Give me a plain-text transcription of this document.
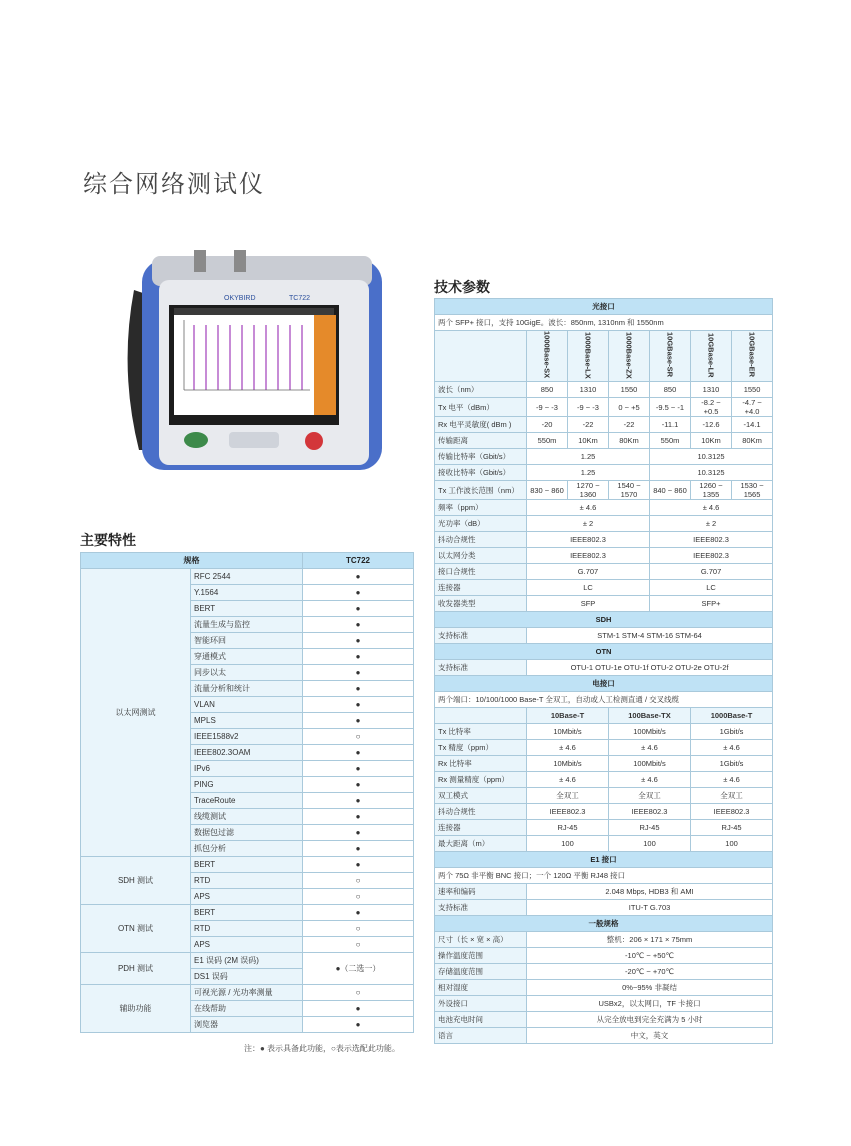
综合网络测试仪
OKYBIRD	TC722
主要特性
规格		TC722
以太网测试	RFC 2544	●
	Y.1564	●
	BERT	●
	流量生成与监控	●
	智能环回	●
	穿通模式	●
	同步以太	●
	流量分析和统计	●
	VLAN	●
	MPLS	●
	IEEE1588v2	○
	IEEE802.3OAM	●
	IPv6	●
	PING	●
	TraceRoute	●
	线缆测试	●
	数据包过滤	●
	抓包分析	●
SDH 测试	BERT	●
	RTD	○
	APS	○
OTN 测试	BERT	●
	RTD	○
	APS	○
PDH 测试	E1 误码 (2M 误码)	●（二选一）
	DS1 误码	
辅助功能	可视光源 / 光功率测量	○
	在线帮助	●
	浏览器	●
注：● 表示具备此功能，○表示选配此功能。
技术参数
光接口						
两个 SFP+ 接口，支持 10GigE。波长：850nm, 1310nm 和 1550nm						
	1000Base-SX	1000Base-LX	1000Base-ZX	10GBase-SR	10GBase-LR	10GBase-ER
波长（nm）	850	1310	1550	850	1310	1550
Tx 电平（dBm）	-9 ~ -3	-9 ~ -3	0 ~ +5	-9.5 ~ -1	-8.2 ~ +0.5	-4.7 ~ +4.0
Rx 电平灵敏度( dBm )	-20	-22	-22	-11.1	-12.6	-14.1
传输距离	550m	10Km	80Km	550m	10Km	80Km
传输比特率（Gbit/s）	1.25			10.3125		
接收比特率（Gbit/s）	1.25			10.3125		
Tx 工作波长范围（nm）	830 ~ 860	1270 ~ 1360	1540 ~ 1570	840 ~ 860	1260 ~ 1355	1530 ~ 1565
频率（ppm）	± 4.6			± 4.6		
光功率（dB）	± 2			± 2		
抖动合规性	IEEE802.3			IEEE802.3		
以太网分类	IEEE802.3			IEEE802.3		
接口合规性	G.707			G.707		
连接器	LC			LC		
收发器类型	SFP			SFP+		
SDH						
支持标准	STM-1 STM-4 STM-16 STM-64					
OTN						
支持标准	OTU-1 OTU-1e OTU-1f OTU-2 OTU-2e OTU-2f					
电接口						
两个端口：10/100/1000 Base-T 全双工，自动或人工检测直通 / 交叉线缆						
	10Base-T		100Base-TX		1000Base-T	
Tx 比特率	10Mbit/s		100Mbit/s		1Gbit/s	
Tx 精度（ppm）	± 4.6		± 4.6		± 4.6	
Rx 比特率	10Mbit/s		100Mbit/s		1Gbit/s	
Rx 测量精度（ppm）	± 4.6		± 4.6		± 4.6	
双工模式	全双工		全双工		全双工	
抖动合规性	IEEE802.3		IEEE802.3		IEEE802.3	
连接器	RJ-45		RJ-45		RJ-45	
最大距离（m）	100		100		100	
E1 接口						
两个 75Ω 非平衡 BNC 接口；一个 120Ω 平衡 RJ48 接口						
速率和编码	2.048 Mbps, HDB3 和 AMI					
支持标准	ITU-T G.703					
一般规格						
尺寸（长 × 宽 × 高）	整机：206 × 171 × 75mm					
操作温度范围	-10℃ ~ +50℃					
存储温度范围	-20℃ ~ +70℃					
相对湿度	0%~95% 非凝结					
外设接口	USBx2，以太网口，TF 卡接口					
电池充电时间	从完全放电到完全充满为 5 小时					
语言	中文，英文					
